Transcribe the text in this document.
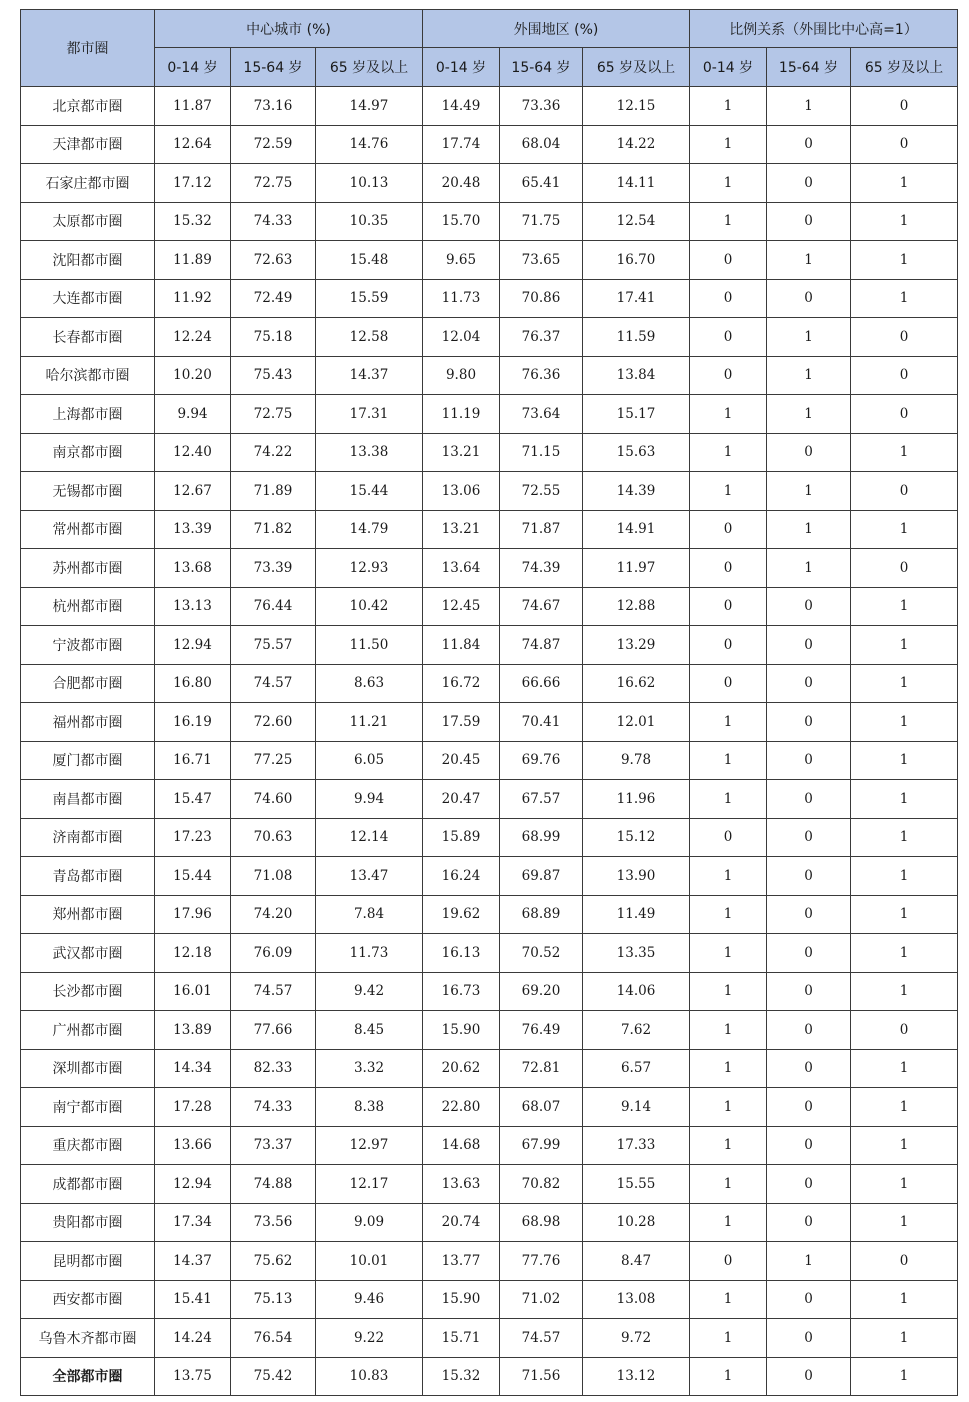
都市圈	中心城市 (%)			外围地区 (%)			比例关系（外围比中心高=1）		
	0-14 岁	15-64 岁	65 岁及以上	0-14 岁	15-64 岁	65 岁及以上	0-14 岁	15-64 岁	65 岁及以上
北京都市圈	11.87	73.16	14.97	14.49	73.36	12.15	1	1	0
天津都市圈	12.64	72.59	14.76	17.74	68.04	14.22	1	0	0
石家庄都市圈	17.12	72.75	10.13	20.48	65.41	14.11	1	0	1
太原都市圈	15.32	74.33	10.35	15.70	71.75	12.54	1	0	1
沈阳都市圈	11.89	72.63	15.48	9.65	73.65	16.70	0	1	1
大连都市圈	11.92	72.49	15.59	11.73	70.86	17.41	0	0	1
长春都市圈	12.24	75.18	12.58	12.04	76.37	11.59	0	1	0
哈尔滨都市圈	10.20	75.43	14.37	9.80	76.36	13.84	0	1	0
上海都市圈	9.94	72.75	17.31	11.19	73.64	15.17	1	1	0
南京都市圈	12.40	74.22	13.38	13.21	71.15	15.63	1	0	1
无锡都市圈	12.67	71.89	15.44	13.06	72.55	14.39	1	1	0
常州都市圈	13.39	71.82	14.79	13.21	71.87	14.91	0	1	1
苏州都市圈	13.68	73.39	12.93	13.64	74.39	11.97	0	1	0
杭州都市圈	13.13	76.44	10.42	12.45	74.67	12.88	0	0	1
宁波都市圈	12.94	75.57	11.50	11.84	74.87	13.29	0	0	1
合肥都市圈	16.80	74.57	8.63	16.72	66.66	16.62	0	0	1
福州都市圈	16.19	72.60	11.21	17.59	70.41	12.01	1	0	1
厦门都市圈	16.71	77.25	6.05	20.45	69.76	9.78	1	0	1
南昌都市圈	15.47	74.60	9.94	20.47	67.57	11.96	1	0	1
济南都市圈	17.23	70.63	12.14	15.89	68.99	15.12	0	0	1
青岛都市圈	15.44	71.08	13.47	16.24	69.87	13.90	1	0	1
郑州都市圈	17.96	74.20	7.84	19.62	68.89	11.49	1	0	1
武汉都市圈	12.18	76.09	11.73	16.13	70.52	13.35	1	0	1
长沙都市圈	16.01	74.57	9.42	16.73	69.20	14.06	1	0	1
广州都市圈	13.89	77.66	8.45	15.90	76.49	7.62	1	0	0
深圳都市圈	14.34	82.33	3.32	20.62	72.81	6.57	1	0	1
南宁都市圈	17.28	74.33	8.38	22.80	68.07	9.14	1	0	1
重庆都市圈	13.66	73.37	12.97	14.68	67.99	17.33	1	0	1
成都都市圈	12.94	74.88	12.17	13.63	70.82	15.55	1	0	1
贵阳都市圈	17.34	73.56	9.09	20.74	68.98	10.28	1	0	1
昆明都市圈	14.37	75.62	10.01	13.77	77.76	8.47	0	1	0
西安都市圈	15.41	75.13	9.46	15.90	71.02	13.08	1	0	1
乌鲁木齐都市圈	14.24	76.54	9.22	15.71	74.57	9.72	1	0	1
全部都市圈	13.75	75.42	10.83	15.32	71.56	13.12	1	0	1
